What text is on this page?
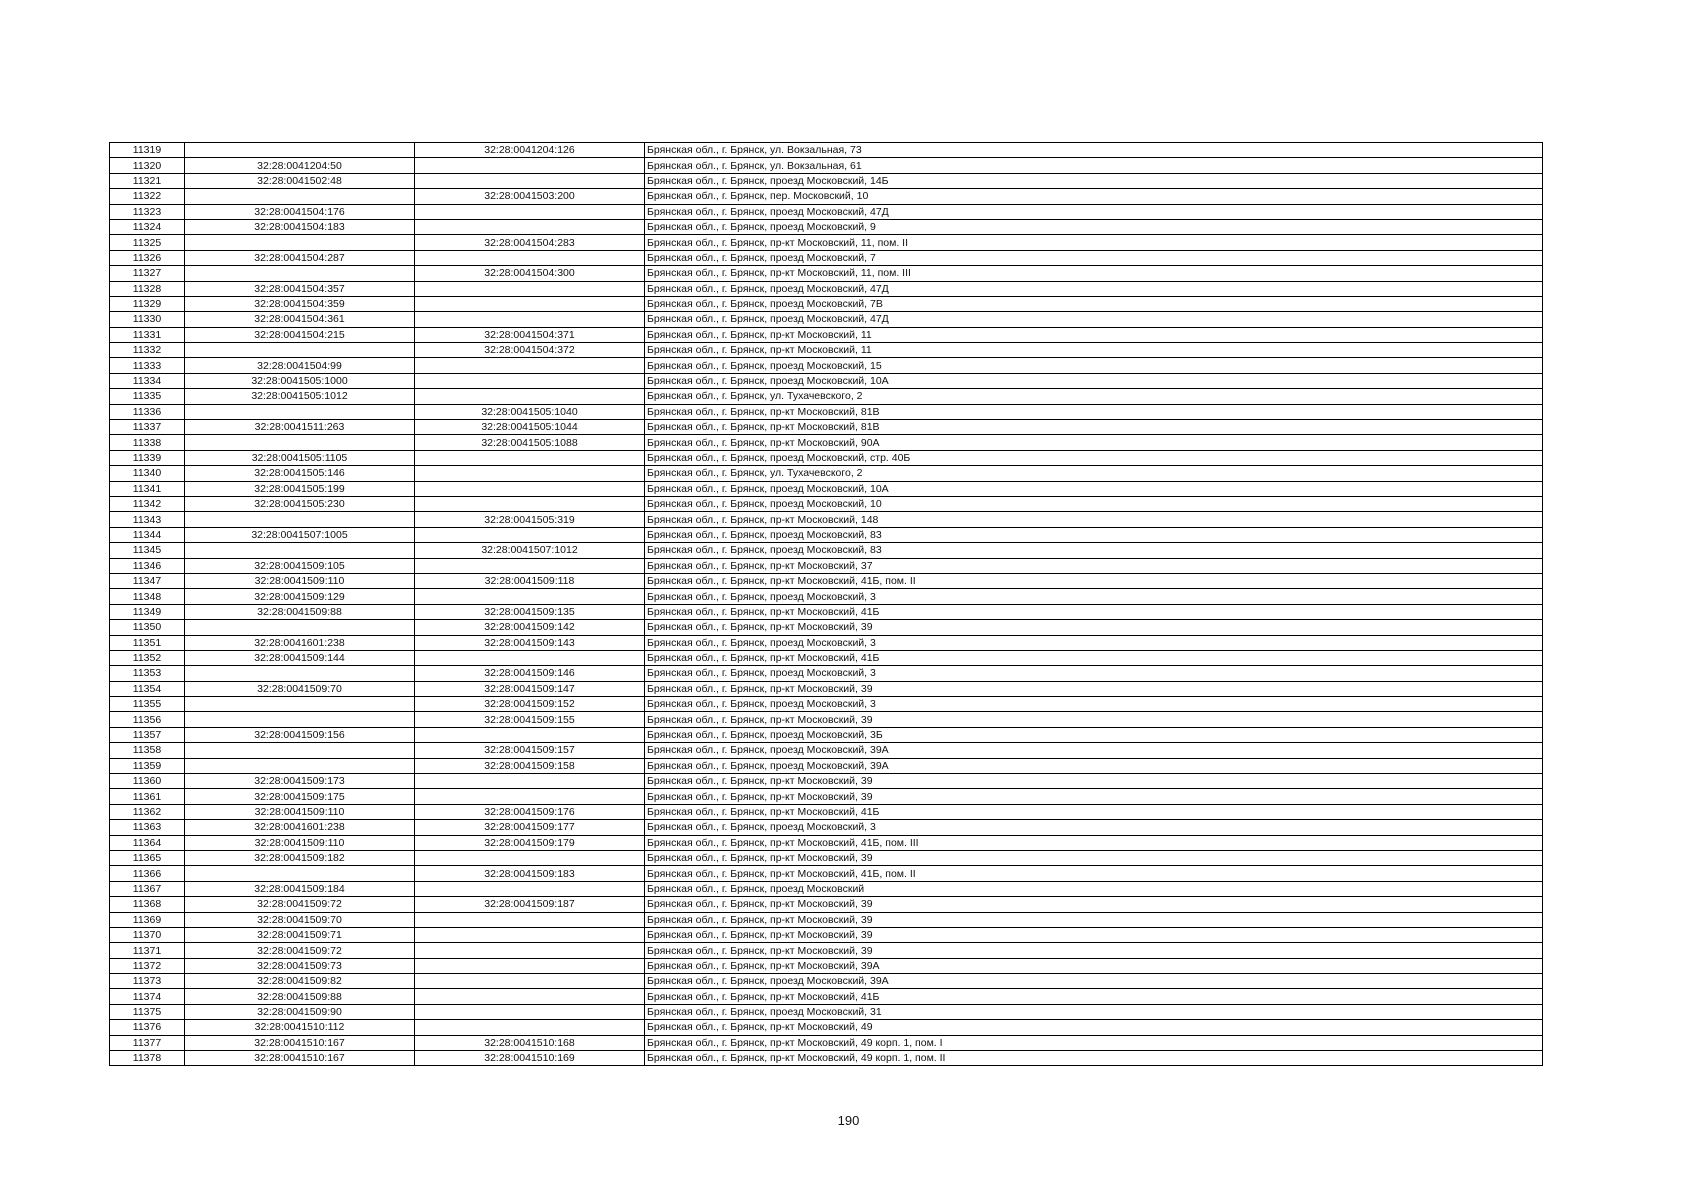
11319		32:28:0041204:126	Брянская обл., г. Брянск, ул. Вокзальная, 73
11320	32:28:0041204:50		Брянская обл., г. Брянск, ул. Вокзальная, 61
11321	32:28:0041502:48		Брянская обл., г. Брянск, проезд Московский, 14Б
11322		32:28:0041503:200	Брянская обл., г. Брянск, пер. Московский, 10
11323	32:28:0041504:176		Брянская обл., г. Брянск, проезд Московский, 47Д
11324	32:28:0041504:183		Брянская обл., г. Брянск, проезд Московский, 9
11325		32:28:0041504:283	Брянская обл., г. Брянск, пр-кт Московский, 11, пом. II
11326	32:28:0041504:287		Брянская обл., г. Брянск, проезд Московский, 7
11327		32:28:0041504:300	Брянская обл., г. Брянск, пр-кт Московский, 11, пом. III
11328	32:28:0041504:357		Брянская обл., г. Брянск, проезд Московский, 47Д
11329	32:28:0041504:359		Брянская обл., г. Брянск, проезд Московский, 7В
11330	32:28:0041504:361		Брянская обл., г. Брянск, проезд Московский, 47Д
11331	32:28:0041504:215	32:28:0041504:371	Брянская обл., г. Брянск, пр-кт Московский, 11
11332		32:28:0041504:372	Брянская обл., г. Брянск, пр-кт Московский, 11
11333	32:28:0041504:99		Брянская обл., г. Брянск, проезд Московский, 15
11334	32:28:0041505:1000		Брянская обл., г. Брянск, проезд Московский, 10А
11335	32:28:0041505:1012		Брянская обл., г. Брянск, ул. Тухачевского, 2
11336		32:28:0041505:1040	Брянская обл., г. Брянск, пр-кт Московский, 81В
11337	32:28:0041511:263	32:28:0041505:1044	Брянская обл., г. Брянск, пр-кт Московский, 81В
11338		32:28:0041505:1088	Брянская обл., г. Брянск, пр-кт Московский, 90А
11339	32:28:0041505:1105		Брянская обл., г. Брянск, проезд Московский, стр. 40Б
11340	32:28:0041505:146		Брянская обл., г. Брянск, ул. Тухачевского, 2
11341	32:28:0041505:199		Брянская обл., г. Брянск, проезд Московский, 10А
11342	32:28:0041505:230		Брянская обл., г. Брянск, проезд Московский, 10
11343		32:28:0041505:319	Брянская обл., г. Брянск, пр-кт Московский, 148
11344	32:28:0041507:1005		Брянская обл., г. Брянск, проезд Московский, 83
11345		32:28:0041507:1012	Брянская обл., г. Брянск, проезд Московский, 83
11346	32:28:0041509:105		Брянская обл., г. Брянск, пр-кт Московский, 37
11347	32:28:0041509:110	32:28:0041509:118	Брянская обл., г. Брянск, пр-кт Московский, 41Б, пом. II
11348	32:28:0041509:129		Брянская обл., г. Брянск, проезд Московский, 3
11349	32:28:0041509:88	32:28:0041509:135	Брянская обл., г. Брянск, пр-кт Московский, 41Б
11350		32:28:0041509:142	Брянская обл., г. Брянск, пр-кт Московский, 39
11351	32:28:0041601:238	32:28:0041509:143	Брянская обл., г. Брянск, проезд Московский, 3
11352	32:28:0041509:144		Брянская обл., г. Брянск, пр-кт Московский, 41Б
11353		32:28:0041509:146	Брянская обл., г. Брянск, проезд Московский, 3
11354	32:28:0041509:70	32:28:0041509:147	Брянская обл., г. Брянск, пр-кт Московский, 39
11355		32:28:0041509:152	Брянская обл., г. Брянск, проезд Московский, 3
11356		32:28:0041509:155	Брянская обл., г. Брянск, пр-кт Московский, 39
11357	32:28:0041509:156		Брянская обл., г. Брянск, проезд Московский, 3Б
11358		32:28:0041509:157	Брянская обл., г. Брянск, проезд Московский, 39А
11359		32:28:0041509:158	Брянская обл., г. Брянск, проезд Московский, 39А
11360	32:28:0041509:173		Брянская обл., г. Брянск, пр-кт Московский, 39
11361	32:28:0041509:175		Брянская обл., г. Брянск, пр-кт Московский, 39
11362	32:28:0041509:110	32:28:0041509:176	Брянская обл., г. Брянск, пр-кт Московский, 41Б
11363	32:28:0041601:238	32:28:0041509:177	Брянская обл., г. Брянск, проезд Московский, 3
11364	32:28:0041509:110	32:28:0041509:179	Брянская обл., г. Брянск, пр-кт Московский, 41Б, пом. III
11365	32:28:0041509:182		Брянская обл., г. Брянск, пр-кт Московский, 39
11366		32:28:0041509:183	Брянская обл., г. Брянск, пр-кт Московский, 41Б, пом. II
11367	32:28:0041509:184		Брянская обл., г. Брянск, проезд Московский
11368	32:28:0041509:72	32:28:0041509:187	Брянская обл., г. Брянск, пр-кт Московский, 39
11369	32:28:0041509:70		Брянская обл., г. Брянск, пр-кт Московский, 39
11370	32:28:0041509:71		Брянская обл., г. Брянск, пр-кт Московский, 39
11371	32:28:0041509:72		Брянская обл., г. Брянск, пр-кт Московский, 39
11372	32:28:0041509:73		Брянская обл., г. Брянск, пр-кт Московский, 39А
11373	32:28:0041509:82		Брянская обл., г. Брянск, проезд Московский, 39А
11374	32:28:0041509:88		Брянская обл., г. Брянск, пр-кт Московский, 41Б
11375	32:28:0041509:90		Брянская обл., г. Брянск, проезд Московский, 31
11376	32:28:0041510:112		Брянская обл., г. Брянск, пр-кт Московский, 49
11377	32:28:0041510:167	32:28:0041510:168	Брянская обл., г. Брянск, пр-кт Московский, 49 корп. 1, пом. I
11378	32:28:0041510:167	32:28:0041510:169	Брянская обл., г. Брянск, пр-кт Московский, 49 корп. 1, пом. II
190
